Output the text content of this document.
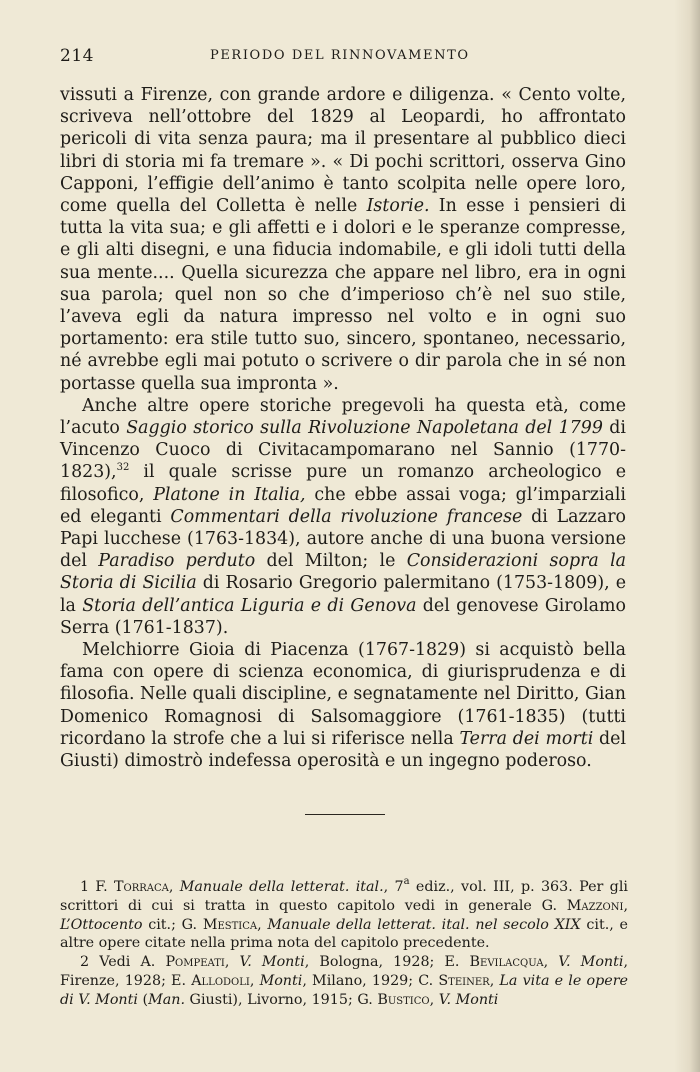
214	PERIODO DEL RINNOVAMENTO

vissuti a Firenze, con grande ardore e diligenza. « Cento volte, scriveva nell’ottobre del 1829 al Leopardi, ho affrontato pericoli di vita senza paura; ma il presentare al pubblico dieci libri di storia mi fa tremare ». « Di pochi scrittori, osserva Gino Capponi, l’effigie dell’animo è tanto scolpita nelle opere loro, come quella del Colletta è nelle Istorie. In esse i pensieri di tutta la vita sua; e gli affetti e i dolori e le speranze compresse, e gli alti disegni, e una fiducia indomabile, e gli idoli tutti della sua mente.... Quella sicurezza che appare nel libro, era in ogni sua parola; quel non so che d’imperioso ch’è nel suo stile, l’aveva egli da natura impresso nel volto e in ogni suo portamento: era stile tutto suo, sincero, spontaneo, necessario, né avrebbe egli mai potuto o scrivere o dir parola che in sé non portasse quella sua impronta ».

Anche altre opere storiche pregevoli ha questa età, come l’acuto Saggio storico sulla Rivoluzione Napoletana del 1799 di Vincenzo Cuoco di Civitacampomarano nel Sannio (1770-1823),$^{32}$ il quale scrisse pure un romanzo archeologico e filosofico, Platone in Italia, che ebbe assai voga; gl’imparziali ed eleganti Commentari della rivoluzione francese di Lazzaro Papi lucchese (1763-1834), autore anche di una buona versione del Paradiso perduto del Milton; le Considerazioni sopra la Storia di Sicilia di Rosario Gregorio palermitano (1753-1809), e la Storia dell’antica Liguria e di Genova del genovese Girolamo Serra (1761-1837).

Melchiorre Gioia di Piacenza (1767-1829) si acquistò bella fama con opere di scienza economica, di giurisprudenza e di filosofia. Nelle quali discipline, e segnatamente nel Diritto, Gian Domenico Romagnosi di Salsomaggiore (1761-1835) (tutti ricordano la strofe che a lui si riferisce nella Terra dei morti del Giusti) dimostrò indefessa operosità e un ingegno poderoso.

1 F. Torraca, Manuale della letterat. ital., 7$^a$ ediz., vol. III, p. 363. Per gli scrittori di cui si tratta in questo capitolo vedi in generale G. Mazzoni, L’Ottocento cit.; G. Mestica, Manuale della letterat. ital. nel secolo XIX cit., e altre opere citate nella prima nota del capitolo precedente.

2 Vedi A. Pompeati, V. Monti, Bologna, 1928; E. Bevilacqua, V. Monti, Firenze, 1928; E. Allodoli, Monti, Milano, 1929; C. Steiner, La vita e le opere di V. Monti (Man. Giusti), Livorno, 1915; G. Bustico, V. Monti
